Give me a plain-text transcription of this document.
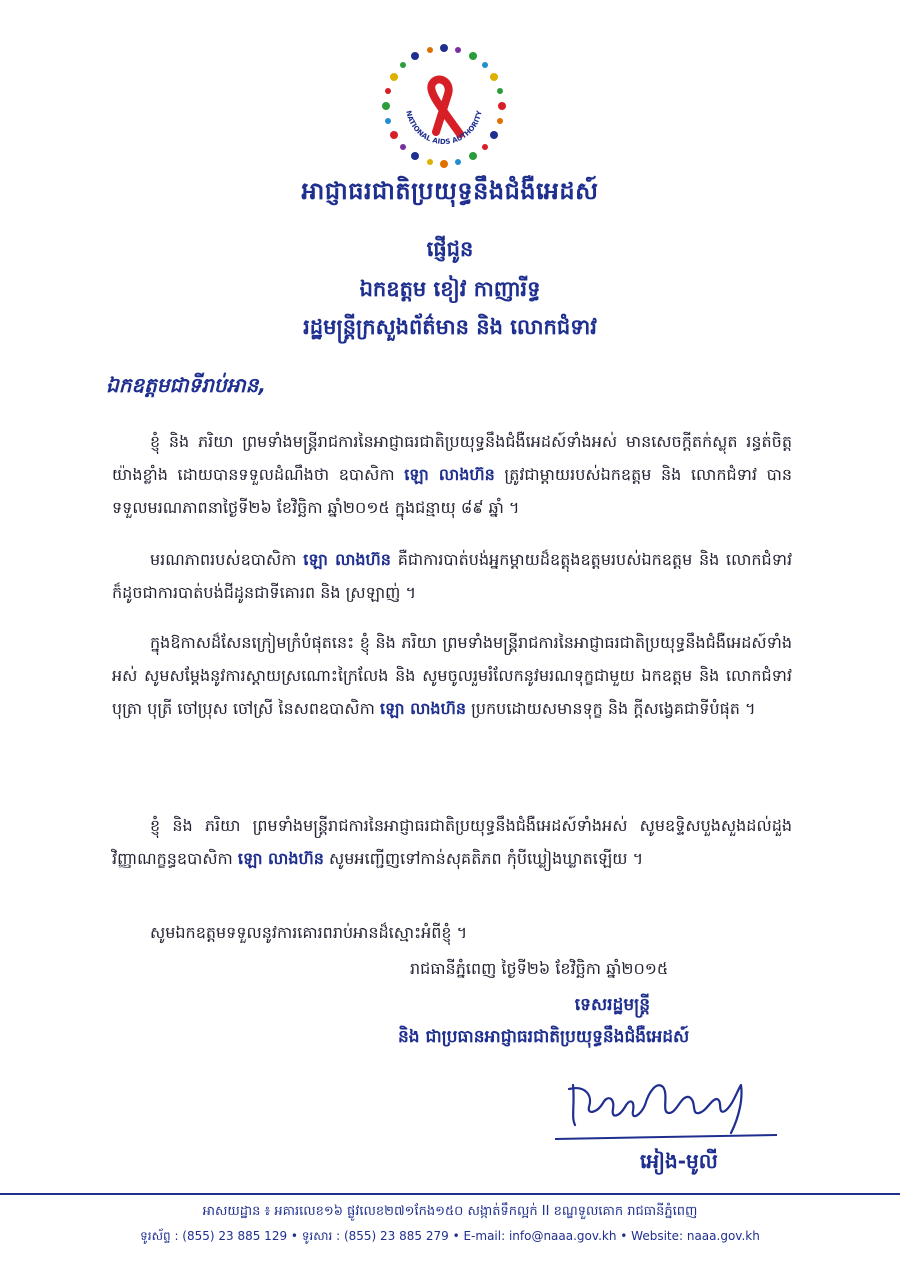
NATIONAL AIDS AUTHORITY
អាជ្ញាធរជាតិប្រយុទ្ធនឹងជំងឺអេដស៍
ផ្ញើជូន
ឯកឧត្តម ខៀវ កាញារីទ្ធ
រដ្ឋមន្ត្រីក្រសួងព័ត៌មាន និង លោកជំទាវ
ឯកឧត្តមជាទីរាប់អាន,

ខ្ញុំ និង ភរិយា ព្រមទាំងមន្ត្រីរាជការនៃអាជ្ញាធរជាតិប្រយុទ្ធនឹងជំងឺអេដស៍ទាំងអស់ មានសេចក្តីតក់ស្លុត រន្ធត់ចិត្តយ៉ាងខ្លាំង ដោយបានទទួលដំណឹងថា ឧបាសិកា ឡោ លាងហ៊ន ត្រូវជាម្តាយរបស់ឯកឧត្តម និង លោកជំទាវ បានទទួលមរណភាពនាថ្ងៃទី២៦ ខែវិច្ឆិកា ឆ្នាំ២០១៥ ក្នុងជន្មាយុ ៨៩ ឆ្នាំ ។

មរណភាពរបស់ឧបាសិកា ឡោ លាងហ៊ន គឺជាការបាត់បង់អ្នកម្តាយដ៏ឧត្តុងឧត្តមរបស់ឯកឧត្តម និង លោកជំទាវ ក៏ដូចជាការបាត់បង់ជីដូនជាទីគោរព និង ស្រឡាញ់ ។

ក្នុងឱកាសដ៏សែនក្រៀមក្រំបំផុតនេះ ខ្ញុំ និង ភរិយា ព្រមទាំងមន្ត្រីរាជការនៃអាជ្ញាធរជាតិប្រយុទ្ធនឹងជំងឺអេដស៍ទាំងអស់ សូមសម្តែងនូវការស្តាយស្រណោះក្រៃលែង និង សូមចូលរួមរំលែកនូវមរណទុក្ខជាមួយ ឯកឧត្តម និង លោកជំទាវ បុត្រា បុត្រី ចៅប្រុស ចៅស្រី នៃសពឧបាសិកា ឡោ លាងហ៊ន ប្រកបដោយសមានទុក្ខ និង ក្តីសង្វេគជាទីបំផុត ។

ខ្ញុំ និង ភរិយា ព្រមទាំងមន្ត្រីរាជការនៃអាជ្ញាធរជាតិប្រយុទ្ធនឹងជំងឺអេដស៍ទាំងអស់ សូមឧទ្ទិសបួងសួងដល់ដួងវិញ្ញាណក្ខន្ធឧបាសិកា ឡោ លាងហ៊ន សូមអញ្ជើញទៅកាន់សុគតិភព កុំបីឃ្លៀងឃ្លាតឡើយ ។

សូមឯកឧត្តមទទួលនូវការគោរពរាប់អានដ៏ស្មោះអំពីខ្ញុំ ។
រាជធានីភ្នំពេញ ថ្ងៃទី២៦ ខែវិច្ឆិកា ឆ្នាំ២០១៥
ទេសរដ្ឋមន្ត្រី
និង ជាប្រធានអាជ្ញាធរជាតិប្រយុទ្ធនឹងជំងឺអេដស៍
អៀង-មូលី
អាសយដ្ឋាន ៖ អគារលេខ១៦ ផ្លូវលេខ២៧១កែង១៥០ សង្កាត់ទឹកល្អក់ II ខណ្ឌទួលគោក រាជធានីភ្នំពេញ
ទូរស័ព្ទ : (855) 23 885 129 • ទូរសារ : (855) 23 885 279 • E-mail: info@naaa.gov.kh • Website: naaa.gov.kh
